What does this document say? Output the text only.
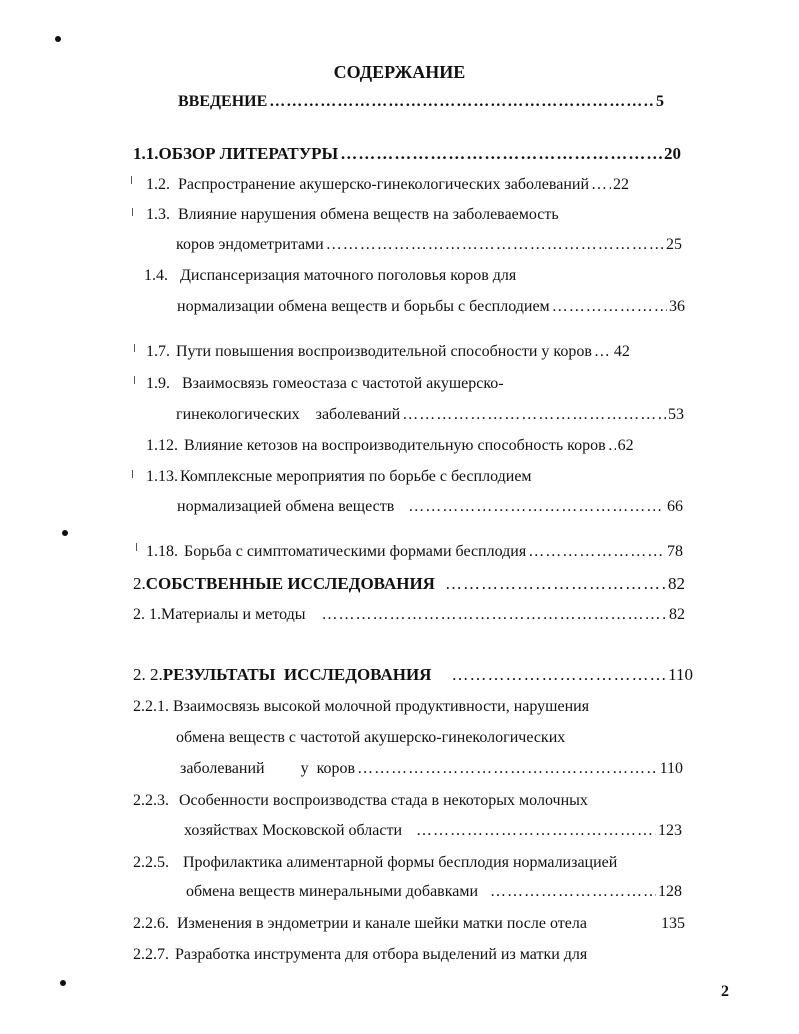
СОДЕРЖАНИЕ
ВВЕДЕНИЕ ……………………………………………………………………………………………………………………………………………	5
1.1. ОБЗОР ЛИТЕРАТУРЫ ……………………………………………………………………………………………………………………………………………	20
1.2. Распространение акушерско-гинекологических заболеваний …………………………………………………………………………………………………………………………………………… 22
1.3. Влияние нарушения обмена веществ на заболеваемость
коров эндометритами ……………………………………………………………………………………………………………………………………………	25
1.4. Диспансеризация маточного поголовья коров для
нормализации обмена веществ и борьбы с бесплодием ……………………………………………………………………………………………………………………………………………	36
1.7. Пути повышения воспроизводительной способности у коров …………………………………………………………………………………………………………………………………………… 42
1.9. Взаимосвязь гомеостаза с частотой акушерско-
гинекологических    заболеваний ……………………………………………………………………………………………………………………………………………	53
1.12. Влияние кетозов на воспроизводительную способность коров …………………………………………………………………………………………………………………………………………… 62
1.13. Комплексные мероприятия по борьбе с бесплодием
нормализацией обмена веществ ……………………………………………………………………………………………………………………………………………	66
1.18. Борьба с симптоматическими формами бесплодия ……………………………………………………………………………………………………………………………………………	78
2. СОБСТВЕННЫЕ ИССЛЕДОВАНИЯ ……………………………………………………………………………………………………………………………………………	82
2. 1. Материалы и методы ……………………………………………………………………………………………………………………………………………	82
2. 2. РЕЗУЛЬТАТЫ  ИССЛЕДОВАНИЯ ……………………………………………………………………………………………………………………………………………	110
2.2.1. Взаимосвязь высокой молочной продуктивности, нарушения
обмена веществ с частотой акушерско-гинекологических
заболеваний         у  коров ……………………………………………………………………………………………………………………………………………	110
2.2.3. Особенности воспроизводства стада в некоторых молочных
хозяйствах Московской области ……………………………………………………………………………………………………………………………………………	123
2.2.5. Профилактика алиментарной формы бесплодия нормализацией
обмена веществ минеральными добавками ……………………………………………………………………………………………………………………………………………	128
2.2.6. Изменения в эндометрии и канале шейки матки после отела	135
2.2.7. Разработка инструмента для отбора выделений из матки для
2
